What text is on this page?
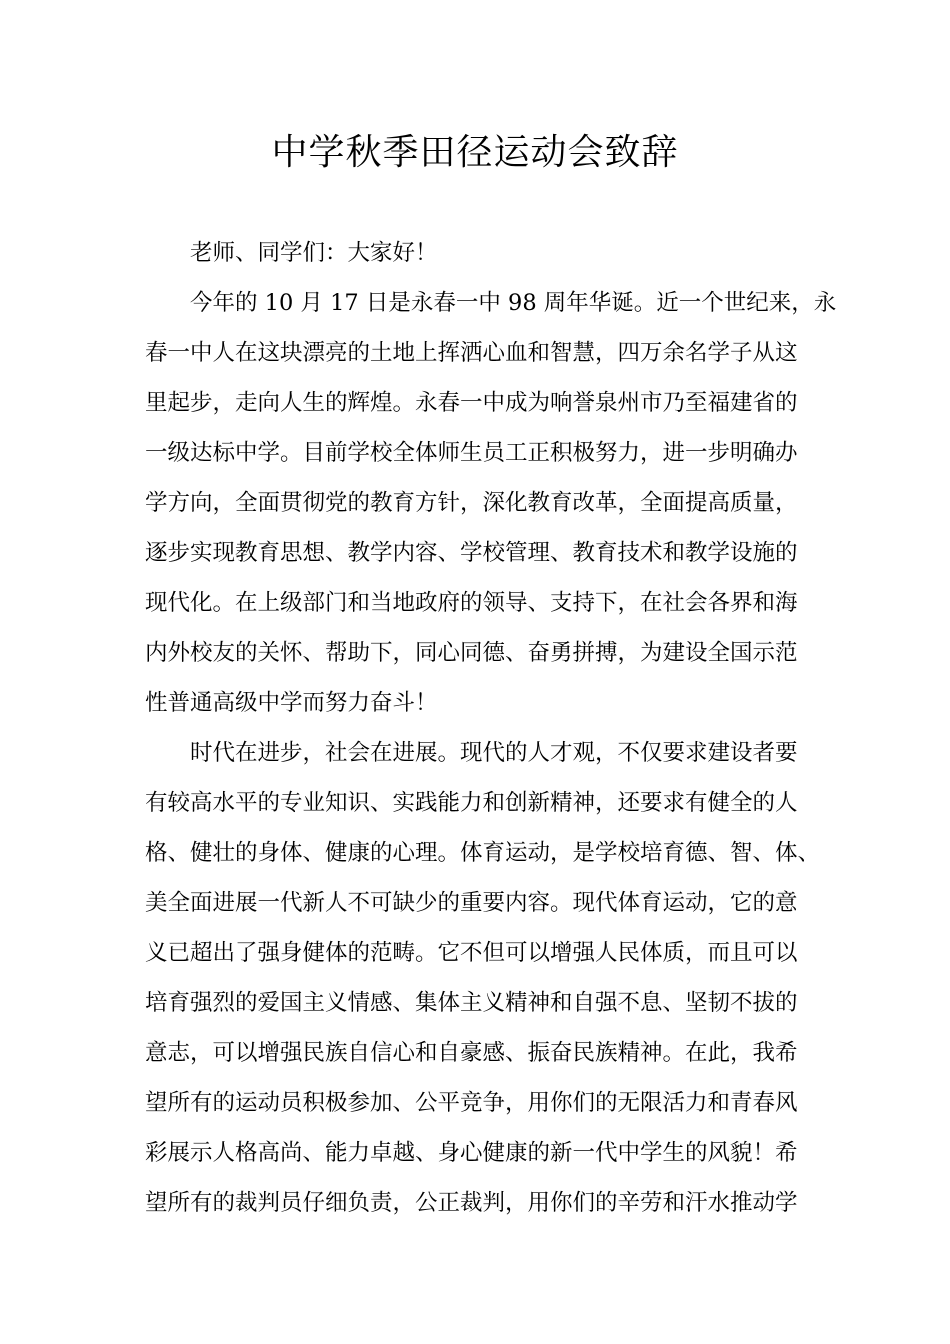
中学秋季田径运动会致辞
老师、同学们：大家好！
今年的 10 月 17 日是永春一中 98 周年华诞。近一个世纪来，永
春一中人在这块漂亮的土地上挥洒心血和智慧，四万余名学子从这
里起步，走向人生的辉煌。永春一中成为响誉泉州市乃至福建省的
一级达标中学。目前学校全体师生员工正积极努力，进一步明确办
学方向，全面贯彻党的教育方针，深化教育改革，全面提高质量，
逐步实现教育思想、教学内容、学校管理、教育技术和教学设施的
现代化。在上级部门和当地政府的领导、支持下，在社会各界和海
内外校友的关怀、帮助下，同心同德、奋勇拼搏，为建设全国示范
性普通高级中学而努力奋斗！
时代在进步，社会在进展。现代的人才观，不仅要求建设者要
有较高水平的专业知识、实践能力和创新精神，还要求有健全的人
格、健壮的身体、健康的心理。体育运动，是学校培育德、智、体、
美全面进展一代新人不可缺少的重要内容。现代体育运动，它的意
义已超出了强身健体的范畴。它不但可以增强人民体质，而且可以
培育强烈的爱国主义情感、集体主义精神和自强不息、坚韧不拔的
意志，可以增强民族自信心和自豪感、振奋民族精神。在此，我希
望所有的运动员积极参加、公平竞争，用你们的无限活力和青春风
彩展示人格高尚、能力卓越、身心健康的新一代中学生的风貌！希
望所有的裁判员仔细负责，公正裁判，用你们的辛劳和汗水推动学
